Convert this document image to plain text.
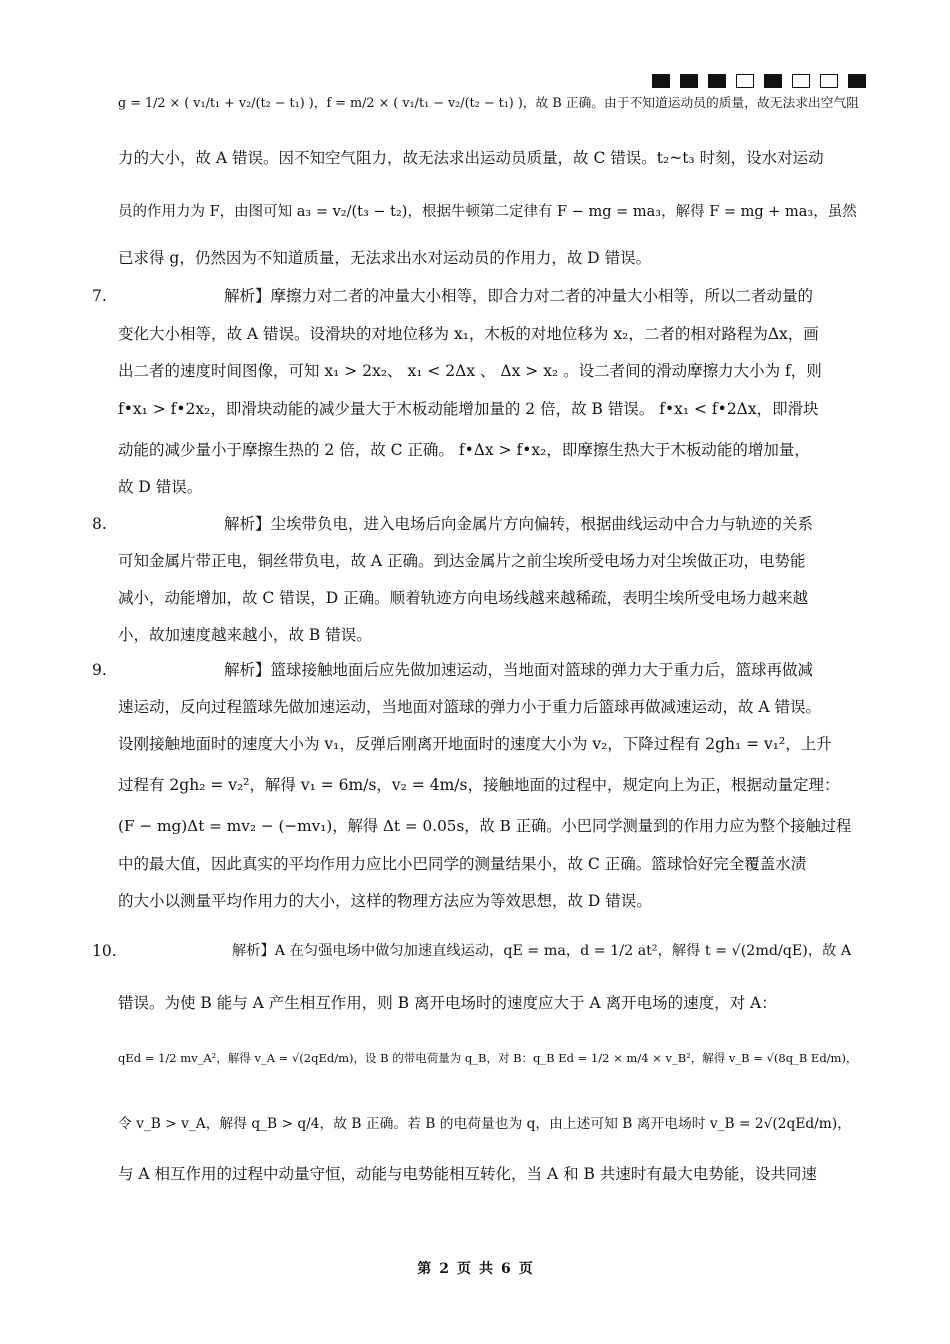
g = 1/2 × ( v₁/t₁ + v₂/(t₂ − t₁) )，f = m/2 × ( v₁/t₁ − v₂/(t₂ − t₁) )，故 B 正确。由于不知道运动员的质量，故无法求出空气阻
力的大小，故 A 错误。因不知空气阻力，故无法求出运动员质量，故 C 错误。t₂~t₃ 时刻，设水对运动
员的作用力为 F，由图可知 a₃ = v₂/(t₃ − t₂)，根据牛顿第二定律有 F − mg = ma₃，解得 F = mg + ma₃，虽然
已求得 g，仍然因为不知道质量，无法求出水对运动员的作用力，故 D 错误。
解析】摩擦力对二者的冲量大小相等，即合力对二者的冲量大小相等，所以二者动量的
变化大小相等，故 A 错误。设滑块的对地位移为 x₁，木板的对地位移为 x₂，二者的相对路程为Δx，画
出二者的速度时间图像，可知 x₁ > 2x₂、 x₁ < 2Δx 、 Δx > x₂ 。设二者间的滑动摩擦力大小为 f，则
f•x₁ > f•2x₂，即滑块动能的减少量大于木板动能增加量的 2 倍，故 B 错误。 f•x₁ < f•2Δx，即滑块
动能的减少量小于摩擦生热的 2 倍，故 C 正确。 f•Δx > f•x₂，即摩擦生热大于木板动能的增加量，
故 D 错误。
解析】尘埃带负电，进入电场后向金属片方向偏转，根据曲线运动中合力与轨迹的关系
可知金属片带正电，铜丝带负电，故 A 正确。到达金属片之前尘埃所受电场力对尘埃做正功，电势能
减小，动能增加，故 C 错误，D 正确。顺着轨迹方向电场线越来越稀疏，表明尘埃所受电场力越来越
小，故加速度越来越小，故 B 错误。
解析】篮球接触地面后应先做加速运动，当地面对篮球的弹力大于重力后，篮球再做减
速运动，反向过程篮球先做加速运动，当地面对篮球的弹力小于重力后篮球再做减速运动，故 A 错误。
设刚接触地面时的速度大小为 v₁，反弹后刚离开地面时的速度大小为 v₂，下降过程有 2gh₁ = v₁²，上升
过程有 2gh₂ = v₂²，解得 v₁ = 6m/s，v₂ = 4m/s，接触地面的过程中，规定向上为正，根据动量定理：
(F − mg)Δt = mv₂ − (−mv₁)，解得 Δt = 0.05s，故 B 正确。小巴同学测量到的作用力应为整个接触过程
中的最大值，因此真实的平均作用力应比小巴同学的测量结果小，故 C 正确。篮球恰好完全覆盖水渍
的大小以测量平均作用力的大小，这样的物理方法应为等效思想，故 D 错误。
解析】A 在匀强电场中做匀加速直线运动，qE = ma，d = 1/2 at²，解得 t = √(2md/qE)，故 A
错误。为使 B 能与 A 产生相互作用，则 B 离开电场时的速度应大于 A 离开电场的速度，对 A：
qEd = 1/2 mv_A²，解得 v_A = √(2qEd/m)，设 B 的带电荷量为 q_B，对 B：q_B Ed = 1/2 × m/4 × v_B²，解得 v_B = √(8q_B Ed/m)，
令 v_B > v_A，解得 q_B > q/4，故 B 正确。若 B 的电荷量也为 q，由上述可知 B 离开电场时 v_B = 2√(2qEd/m)，
与 A 相互作用的过程中动量守恒，动能与电势能相互转化，当 A 和 B 共速时有最大电势能，设共同速
7.
8.
9.
10.
第 2 页 共 6 页
